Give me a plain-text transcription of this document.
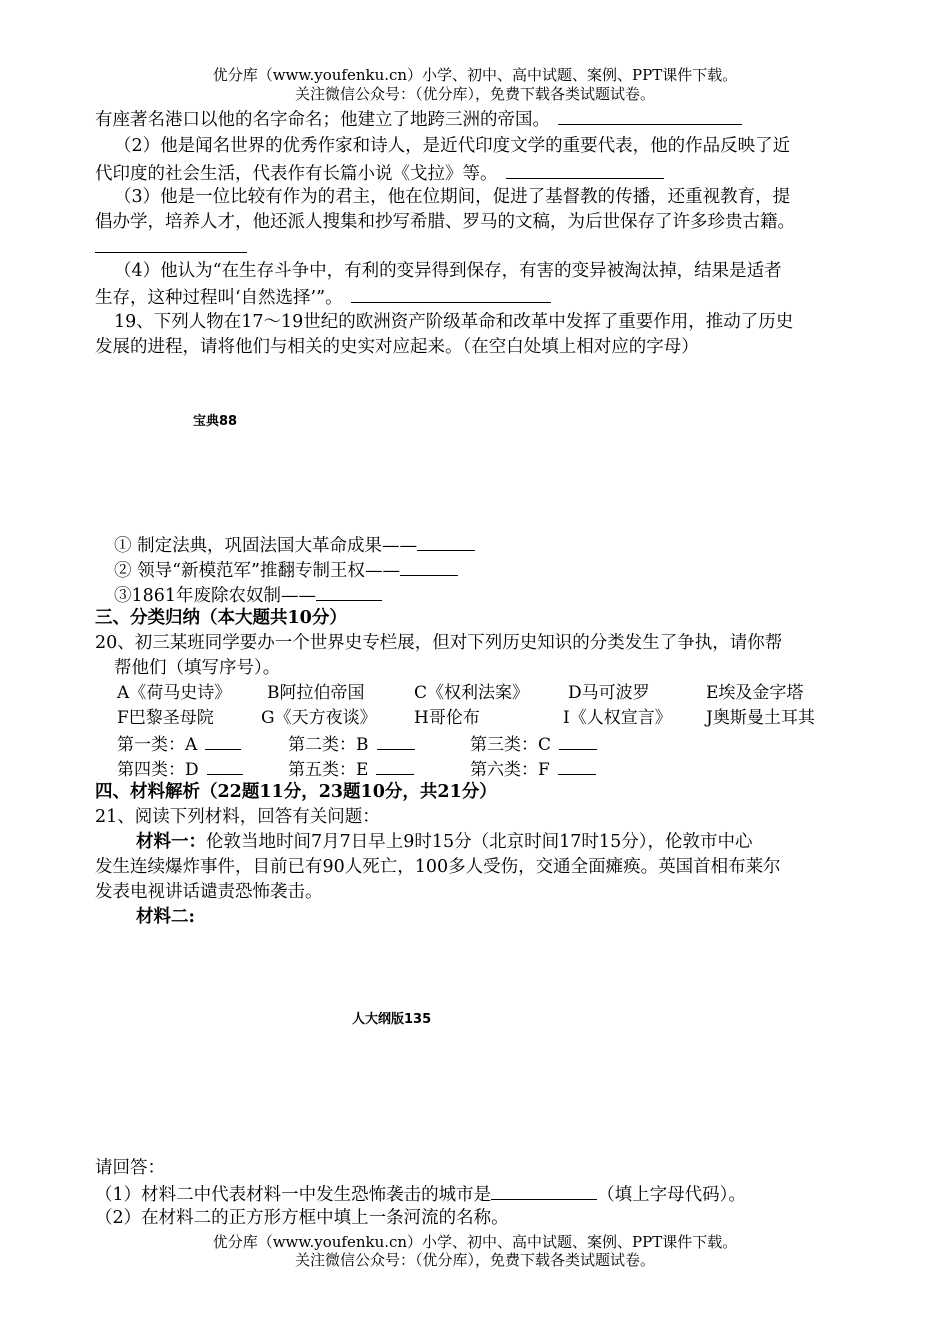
优分库（www.youfenku.cn）小学、初中、高中试题、案例、PPT课件下载。
关注微信公众号：（优分库），免费下载各类试题试卷。
有座著名港口以他的名字命名；他建立了地跨三洲的帝国。
（2）他是闻名世界的优秀作家和诗人，是近代印度文学的重要代表，他的作品反映了近
代印度的社会生活，代表作有长篇小说《戈拉》等。
（3）他是一位比较有作为的君主，他在位期间，促进了基督教的传播，还重视教育，提
倡办学，培养人才，他还派人搜集和抄写希腊、罗马的文稿，为后世保存了许多珍贵古籍。
（4）他认为“在生存斗争中，有利的变异得到保存，有害的变异被淘汰掉，结果是适者
生存，这种过程叫‘自然选择’”。
19、下列人物在17～19世纪的欧洲资产阶级革命和改革中发挥了重要作用，推动了历史
发展的进程，请将他们与相关的史实对应起来。（在空白处填上相对应的字母）
宝典88
① 制定法典，巩固法国大革命成果——
② 领导“新模范军”推翻专制王权——
③1861年废除农奴制——
三、分类归纳（本大题共10分）
20、初三某班同学要办一个世界史专栏展，但对下列历史知识的分类发生了争执，请你帮
帮他们（填写序号）。
A《荷马史诗》 B阿拉伯帝国	C《权利法案》 D马可波罗	E埃及金字塔
F巴黎圣母院	G《天方夜谈》 H哥伦布	I《人权宣言》 J奥斯曼土耳其
第一类：A	第二类：B	第三类：C
第四类：D	第五类：E	第六类：F
四、材料解析（22题11分，23题10分，共21分）
21、阅读下列材料，回答有关问题：
材料一：伦敦当地时间7月7日早上9时15分（北京时间17时15分），伦敦市中心
发生连续爆炸事件，目前已有90人死亡，100多人受伤，交通全面瘫痪。英国首相布莱尔
发表电视讲话谴责恐怖袭击。
材料二:
人大纲版135
请回答：
（1）材料二中代表材料一中发生恐怖袭击的城市是	（填上字母代码）。
（2）在材料二的正方形方框中填上一条河流的名称。
优分库（www.youfenku.cn）小学、初中、高中试题、案例、PPT课件下载。
关注微信公众号：（优分库），免费下载各类试题试卷。
